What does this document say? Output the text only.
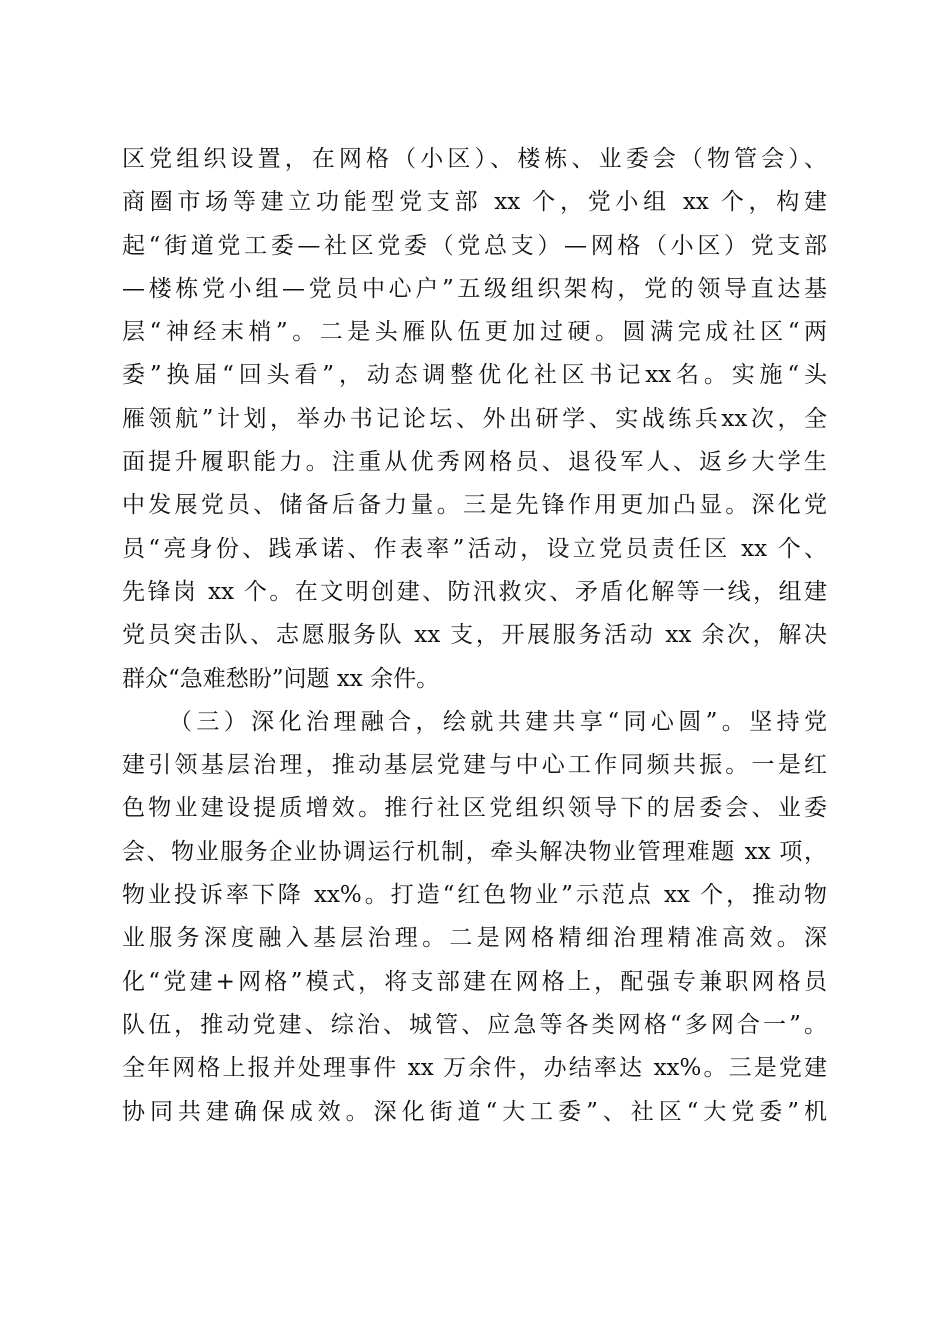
区党组织设置，在网格（小区）、楼栋、业委会（物管会）、
商圈市场等建立功能型党支部 xx 个，党小组 xx 个，构建
起“街道党工委—社区党委（党总支）—网格（小区）党支部
—楼栋党小组—党员中心户”五级组织架构，党的领导直达基
层“神经末梢”。二是头雁队伍更加过硬。圆满完成社区“两
委”换届“回头看”，动态调整优化社区书记xx名。实施“头
雁领航”计划，举办书记论坛、外出研学、实战练兵xx次，全
面提升履职能力。注重从优秀网格员、退役军人、返乡大学生
中发展党员、储备后备力量。三是先锋作用更加凸显。深化党
员“亮身份、践承诺、作表率”活动，设立党员责任区 xx 个、
先锋岗 xx 个。在文明创建、防汛救灾、矛盾化解等一线，组建
党员突击队、志愿服务队 xx 支，开展服务活动 xx 余次，解决
群众“急难愁盼”问题 xx 余件。
（三）深化治理融合，绘就共建共享“同心圆”。坚持党
建引领基层治理，推动基层党建与中心工作同频共振。一是红
色物业建设提质增效。推行社区党组织领导下的居委会、业委
会、物业服务企业协调运行机制，牵头解决物业管理难题 xx 项，
物业投诉率下降 xx%。打造“红色物业”示范点 xx 个，推动物
业服务深度融入基层治理。二是网格精细治理精准高效。深
化“党建+网格”模式，将支部建在网格上，配强专兼职网格员
队伍，推动党建、综治、城管、应急等各类网格“多网合一”。
全年网格上报并处理事件 xx 万余件，办结率达 xx%。三是党建
协同共建确保成效。深化街道“大工委”、社区“大党委”机
